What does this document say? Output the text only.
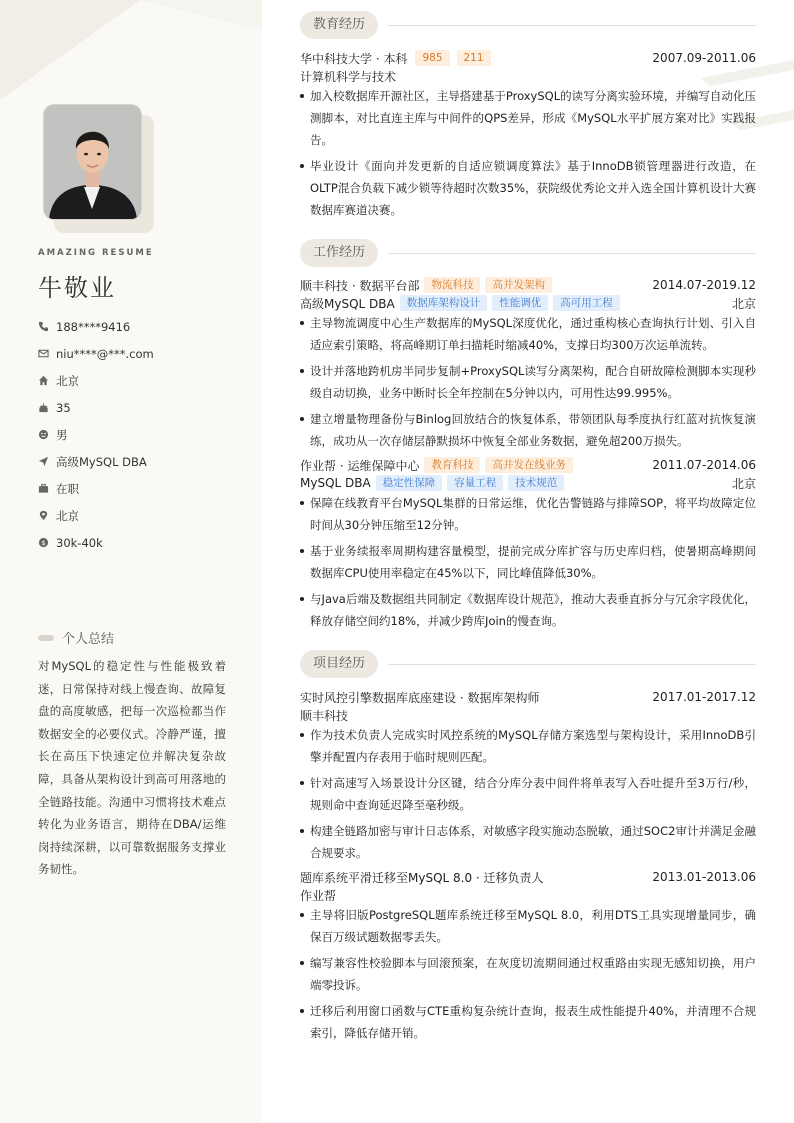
AMAZING RESUME
牛敬业
188****9416
niu****@***.com
北京
35
男
高级MySQL DBA
在职
北京
$ 30k-40k
个人总结
对MySQL的稳定性与性能极致着迷，日常保持对线上慢查询、故障复盘的高度敏感，把每一次巡检都当作数据安全的必要仪式。冷静严谨，擅长在高压下快速定位并解决复杂故障，具备从架构设计到高可用落地的全链路技能。沟通中习惯将技术难点转化为业务语言，期待在DBA/运维岗持续深耕，以可靠数据服务支撑业务韧性。
教育经历
华中科技大学 · 本科	985	211	2007.09-2011.06
计算机科学与技术
加入校数据库开源社区，主导搭建基于ProxySQL的读写分离实验环境，并编写自动化压测脚本，对比直连主库与中间件的QPS差异，形成《MySQL水平扩展方案对比》实践报告。
毕业设计《面向并发更新的自适应锁调度算法》基于InnoDB锁管理器进行改造，在OLTP混合负载下减少锁等待超时次数35%，获院级优秀论文并入选全国计算机设计大赛数据库赛道决赛。
工作经历
顺丰科技 · 数据平台部	物流科技	高并发架构	2014.07-2019.12
高级MySQL DBA	数据库架构设计	性能调优	高可用工程	北京
主导物流调度中心生产数据库的MySQL深度优化，通过重构核心查询执行计划、引入自适应索引策略，将高峰期订单扫描耗时缩减40%，支撑日均300万次运单流转。
设计并落地跨机房半同步复制+ProxySQL读写分离架构，配合自研故障检测脚本实现秒级自动切换，业务中断时长全年控制在5分钟以内，可用性达99.995%。
建立增量物理备份与Binlog回放结合的恢复体系，带领团队每季度执行红蓝对抗恢复演练，成功从一次存储层静默损坏中恢复全部业务数据，避免超200万损失。
作业帮 · 运维保障中心	教育科技	高并发在线业务	2011.07-2014.06
MySQL DBA	稳定性保障	容量工程	技术规范	北京
保障在线教育平台MySQL集群的日常运维，优化告警链路与排障SOP，将平均故障定位时间从30分钟压缩至12分钟。
基于业务续报率周期构建容量模型，提前完成分库扩容与历史库归档，使暑期高峰期间数据库CPU使用率稳定在45%以下，同比峰值降低30%。
与Java后端及数据组共同制定《数据库设计规范》，推动大表垂直拆分与冗余字段优化，释放存储空间约18%，并减少跨库Join的慢查询。
项目经历
实时风控引擎数据库底座建设 · 数据库架构师	2017.01-2017.12
顺丰科技
作为技术负责人完成实时风控系统的MySQL存储方案选型与架构设计，采用InnoDB引擎并配置内存表用于临时规则匹配。
针对高速写入场景设计分区键，结合分库分表中间件将单表写入吞吐提升至3万行/秒，规则命中查询延迟降至毫秒级。
构建全链路加密与审计日志体系，对敏感字段实施动态脱敏，通过SOC2审计并满足金融合规要求。
题库系统平滑迁移至MySQL 8.0 · 迁移负责人	2013.01-2013.06
作业帮
主导将旧版PostgreSQL题库系统迁移至MySQL 8.0，利用DTS工具实现增量同步，确保百万级试题数据零丢失。
编写兼容性校验脚本与回滚预案，在灰度切流期间通过权重路由实现无感知切换，用户端零投诉。
迁移后利用窗口函数与CTE重构复杂统计查询，报表生成性能提升40%，并清理不合规索引，降低存储开销。
